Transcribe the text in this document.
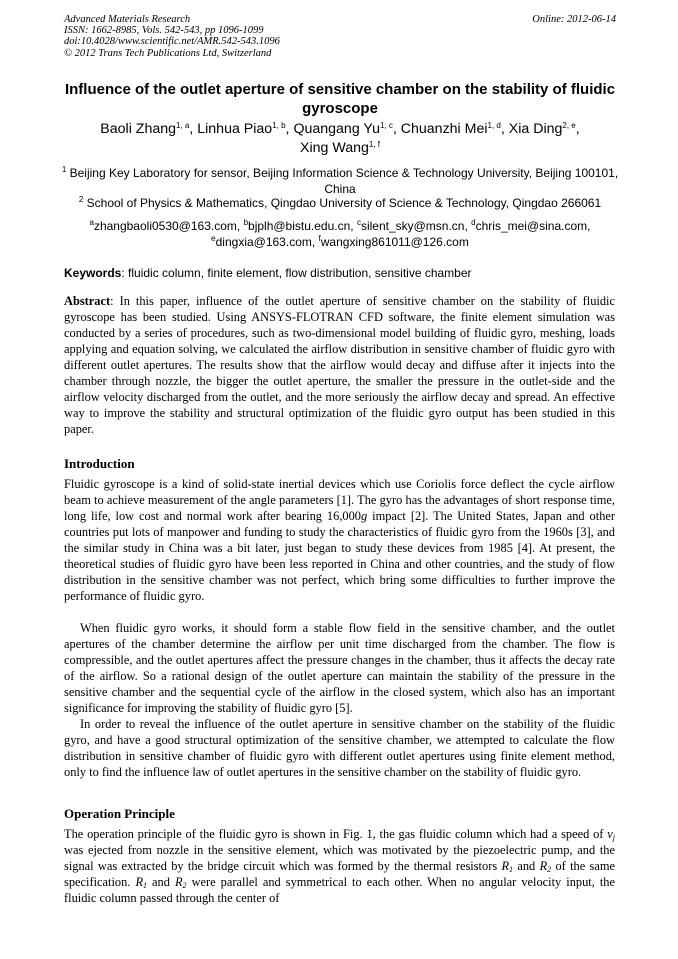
Advanced Materials Research
ISSN: 1662-8985, Vols. 542-543, pp 1096-1099
doi:10.4028/www.scientific.net/AMR.542-543.1096
© 2012 Trans Tech Publications Ltd, Switzerland
Online: 2012-06-14
Influence of the outlet aperture of sensitive chamber on the stability of fluidic gyroscope
Baoli Zhang$^{1, a}$, Linhua Piao$^{1, b}$, Quangang Yu$^{1, c}$, Chuanzhi Mei$^{1, d}$, Xia Ding$^{2, e}$,
Xing Wang$^{1, f}$
$^1$ Beijing Key Laboratory for sensor, Beijing Information Science & Technology University, Beijing 100101, China
$^2$ School of Physics & Mathematics, Qingdao University of Science & Technology, Qingdao 266061
$^a$zhangbaoli0530@163.com, $^b$bjplh@bistu.edu.cn, $^c$silent_sky@msn.cn, $^d$chris_mei@sina.com,
$^e$dingxia@163.com, $^f$wangxing861011@126.com
Keywords: fluidic column, finite element, flow distribution, sensitive chamber
Abstract: In this paper, influence of the outlet aperture of sensitive chamber on the stability of fluidic gyroscope has been studied. Using ANSYS-FLOTRAN CFD software, the finite element simulation was conducted by a series of procedures, such as two-dimensional model building of fluidic gyro, meshing, loads applying and equation solving, we calculated the airflow distribution in sensitive chamber of fluidic gyro with different outlet apertures. The results show that the airflow would decay and diffuse after it injects into the chamber through nozzle, the bigger the outlet aperture, the smaller the pressure in the outlet-side and the airflow velocity discharged from the outlet, and the more seriously the airflow decay and spread. An effective way to improve the stability and structural optimization of the fluidic gyro output has been studied in this paper.
Introduction
Fluidic gyroscope is a kind of solid-state inertial devices which use Coriolis force deflect the cycle airflow beam to achieve measurement of the angle parameters [1]. The gyro has the advantages of short response time, long life, low cost and normal work after bearing 16,000g impact [2]. The United States, Japan and other countries put lots of manpower and funding to study the characteristics of fluidic gyro from the 1960s [3], and the similar study in China was a bit later, just began to study these devices from 1985 [4]. At present, the theoretical studies of fluidic gyro have been less reported in China and other countries, and the study of flow distribution in the sensitive chamber was not perfect, which bring some difficulties to further improve the performance of fluidic gyro.
When fluidic gyro works, it should form a stable flow field in the sensitive chamber, and the outlet apertures of the chamber determine the airflow per unit time discharged from the chamber. The flow is compressible, and the outlet apertures affect the pressure changes in the chamber, thus it affects the decay rate of the airflow. So a rational design of the outlet aperture can maintain the stability of the pressure in the sensitive chamber and the sequential cycle of the airflow in the closed system, which also has an important significance for improving the stability of fluidic gyro [5].
In order to reveal the influence of the outlet aperture in sensitive chamber on the stability of the fluidic gyro, and have a good structural optimization of the sensitive chamber, we attempted to calculate the flow distribution in sensitive chamber of fluidic gyro with different outlet apertures using finite element method, only to find the influence law of outlet apertures in the sensitive chamber on the stability of fluidic gyro.
Operation Principle
The operation principle of the fluidic gyro is shown in Fig. 1, the gas fluidic column which had a speed of $v_j$ was ejected from nozzle in the sensitive element, which was motivated by the piezoelectric pump, and the signal was extracted by the bridge circuit which was formed by the thermal resistors $R_1$ and $R_2$ of the same specification. $R_1$ and $R_2$ were parallel and symmetrical to each other. When no angular velocity input, the fluidic column passed through the center of
